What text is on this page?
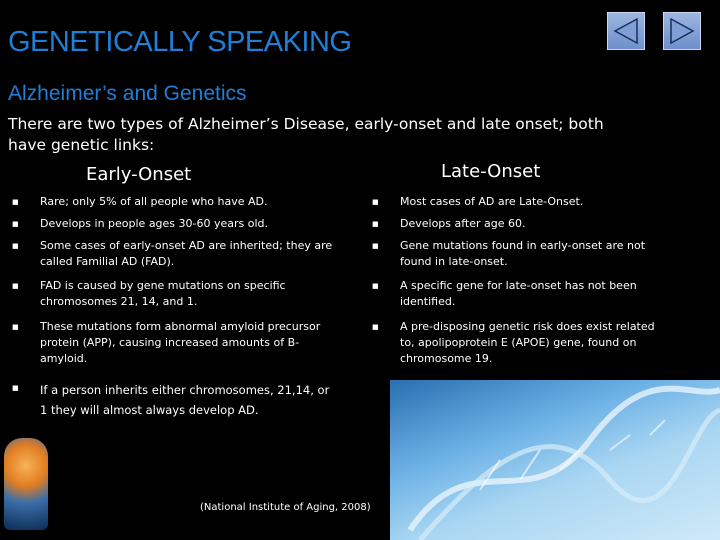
GENETICALLY SPEAKING
Alzheimer’s and Genetics
There are two types of Alzheimer’s Disease, early-onset and late onset; both have genetic links:
Early-Onset	Late-Onset
■ Rare; only 5% of all people who have AD.
■ Develops in people ages 30-60 years old.
■ Some cases of early-onset AD are inherited; they are called Familial AD (FAD).
■ FAD is caused by gene mutations on specific chromosomes 21, 14, and 1.
■ These mutations form abnormal amyloid precursor protein (APP), causing increased amounts of B-amyloid.
■ If a person inherits either chromosomes, 21,14, or 1 they will almost always develop AD.
■ Most cases of AD are Late-Onset.
■ Develops after age 60.
■ Gene mutations found in early-onset are not found in late-onset.
■ A specific gene for late-onset has not been identified.
■ A pre-disposing genetic risk does exist related to, apolipoprotein E (APOE) gene, found on chromosome 19.
(National Institute of Aging, 2008)
